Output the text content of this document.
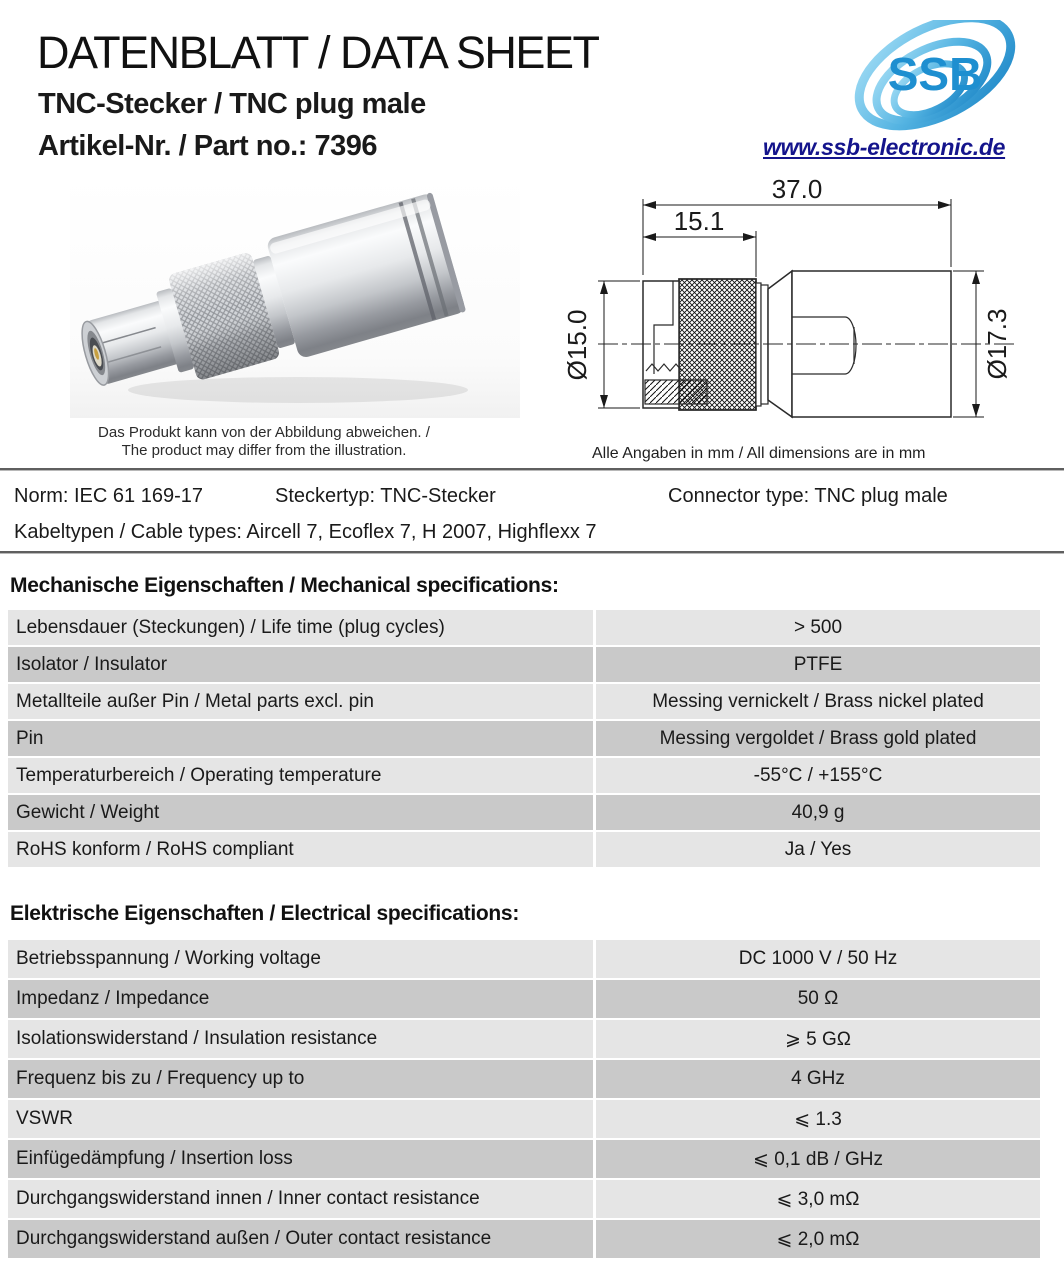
DATENBLATT / DATA SHEET
TNC-Stecker / TNC plug male
Artikel-Nr. / Part no.: 7396
SSB
www.ssb-electronic.de
Das Produkt kann von der Abbildung abweichen. /
The product may differ from the illustration.
37.0
15.1
Ø15.0	Ø17.3
Alle Angaben in mm / All dimensions are in mm
Norm: IEC 61 169-17	Steckertyp: TNC-Stecker	Connector type: TNC plug male
Kabeltypen / Cable types: Aircell 7, Ecoflex 7, H 2007, Highflexx 7
Mechanische Eigenschaften / Mechanical specifications:
Lebensdauer (Steckungen) / Life time (plug cycles)	> 500
Isolator / Insulator	PTFE
Metallteile außer Pin / Metal parts excl. pin	Messing vernickelt / Brass nickel plated
Pin	Messing vergoldet / Brass gold plated
Temperaturbereich / Operating temperature	-55°C / +155°C
Gewicht / Weight	40,9 g
RoHS konform / RoHS compliant	Ja / Yes
Elektrische Eigenschaften / Electrical specifications:
Betriebsspannung / Working voltage	DC 1000 V / 50 Hz
Impedanz / Impedance	50 Ω
Isolationswiderstand / Insulation resistance	⩾ 5 GΩ
Frequenz bis zu / Frequency up to	4 GHz
VSWR	⩽ 1.3
Einfügedämpfung / Insertion loss	⩽ 0,1 dB / GHz
Durchgangswiderstand innen / Inner contact resistance	⩽ 3,0 mΩ
Durchgangswiderstand außen / Outer contact resistance	⩽ 2,0 mΩ
